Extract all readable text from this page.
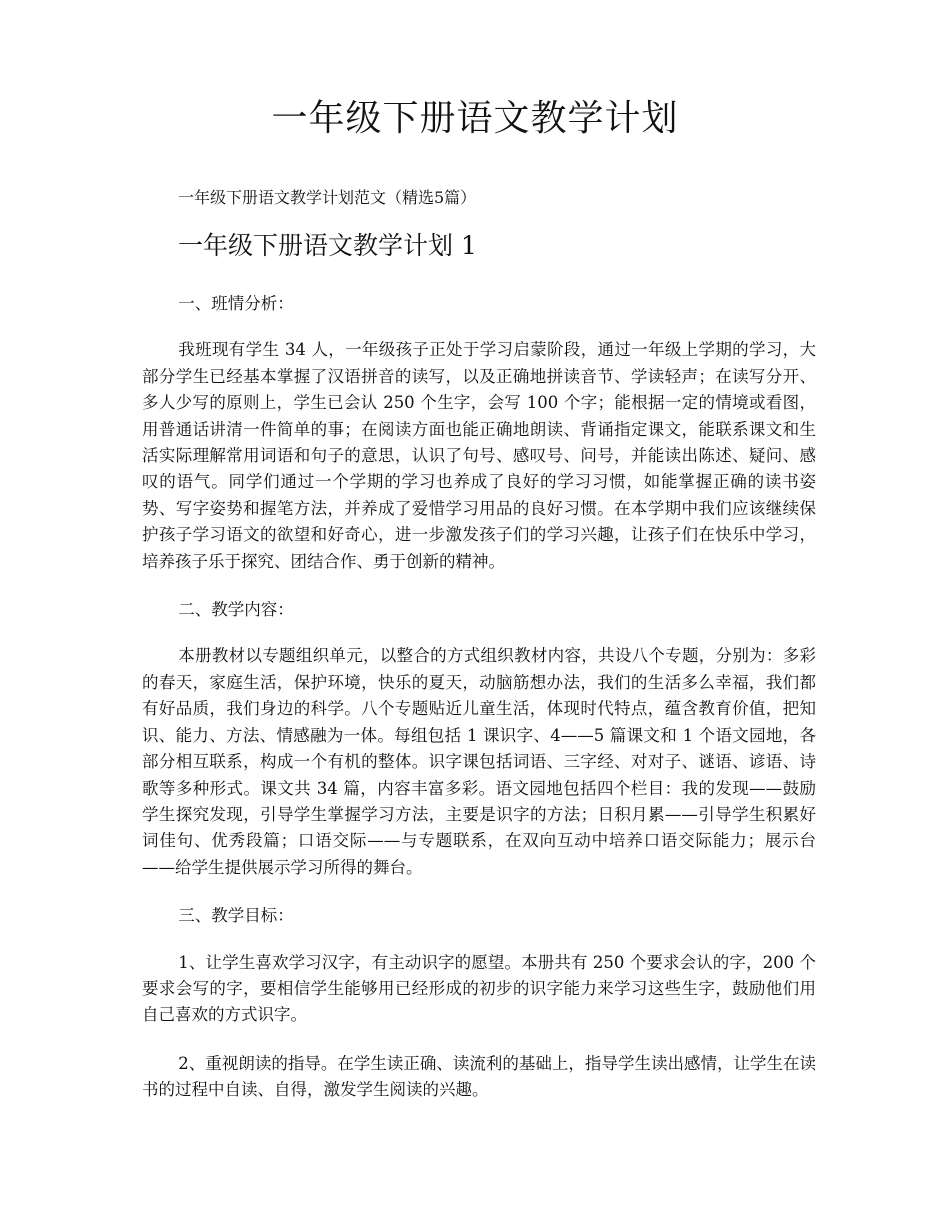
一年级下册语文教学计划

一年级下册语文教学计划范文（精选5篇）

一年级下册语文教学计划 1

一、班情分析：

我班现有学生 34 人，一年级孩子正处于学习启蒙阶段，通过一年级上学期的学习，大部分学生已经基本掌握了汉语拼音的读写，以及正确地拼读音节、学读轻声；在读写分开、多人少写的原则上，学生已会认 250 个生字，会写 100 个字；能根据一定的情境或看图，用普通话讲清一件简单的事；在阅读方面也能正确地朗读、背诵指定课文，能联系课文和生活实际理解常用词语和句子的意思，认识了句号、感叹号、问号，并能读出陈述、疑问、感叹的语气。同学们通过一个学期的学习也养成了良好的学习习惯，如能掌握正确的读书姿势、写字姿势和握笔方法，并养成了爱惜学习用品的良好习惯。在本学期中我们应该继续保护孩子学习语文的欲望和好奇心，进一步激发孩子们的学习兴趣，让孩子们在快乐中学习，培养孩子乐于探究、团结合作、勇于创新的精神。

二、教学内容：

本册教材以专题组织单元，以整合的方式组织教材内容，共设八个专题，分别为：多彩的春天，家庭生活，保护环境，快乐的夏天，动脑筋想办法，我们的生活多么幸福，我们都有好品质，我们身边的科学。八个专题贴近儿童生活，体现时代特点，蕴含教育价值，把知识、能力、方法、情感融为一体。每组包括 1 课识字、4——5 篇课文和 1 个语文园地，各部分相互联系，构成一个有机的整体。识字课包括词语、三字经、对对子、谜语、谚语、诗歌等多种形式。课文共 34 篇，内容丰富多彩。语文园地包括四个栏目：我的发现——鼓励学生探究发现，引导学生掌握学习方法，主要是识字的方法；日积月累——引导学生积累好词佳句、优秀段篇；口语交际——与专题联系，在双向互动中培养口语交际能力；展示台——给学生提供展示学习所得的舞台。

三、教学目标：

1、让学生喜欢学习汉字，有主动识字的愿望。本册共有 250 个要求会认的字，200 个要求会写的字，要相信学生能够用已经形成的初步的识字能力来学习这些生字，鼓励他们用自己喜欢的方式识字。

2、重视朗读的指导。在学生读正确、读流利的基础上，指导学生读出感情，让学生在读书的过程中自读、自得，激发学生阅读的兴趣。
